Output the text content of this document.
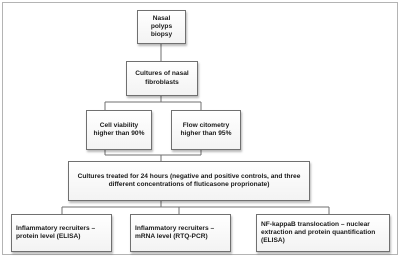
Nasal polyps biopsy
Cultures of nasal fibroblasts
Cell viability higher than 90%
Flow citometry higher than 95%
Cultures treated for 24 hours (negative and positive controls, and three different concentrations of fluticasone proprionate)
Inflammatory recruiters – protein level (ELISA)
Inflammatory recruiters – mRNA level (RTQ-PCR)
NF-kappaB translocation – nuclear extraction and protein quantification (ELISA)
